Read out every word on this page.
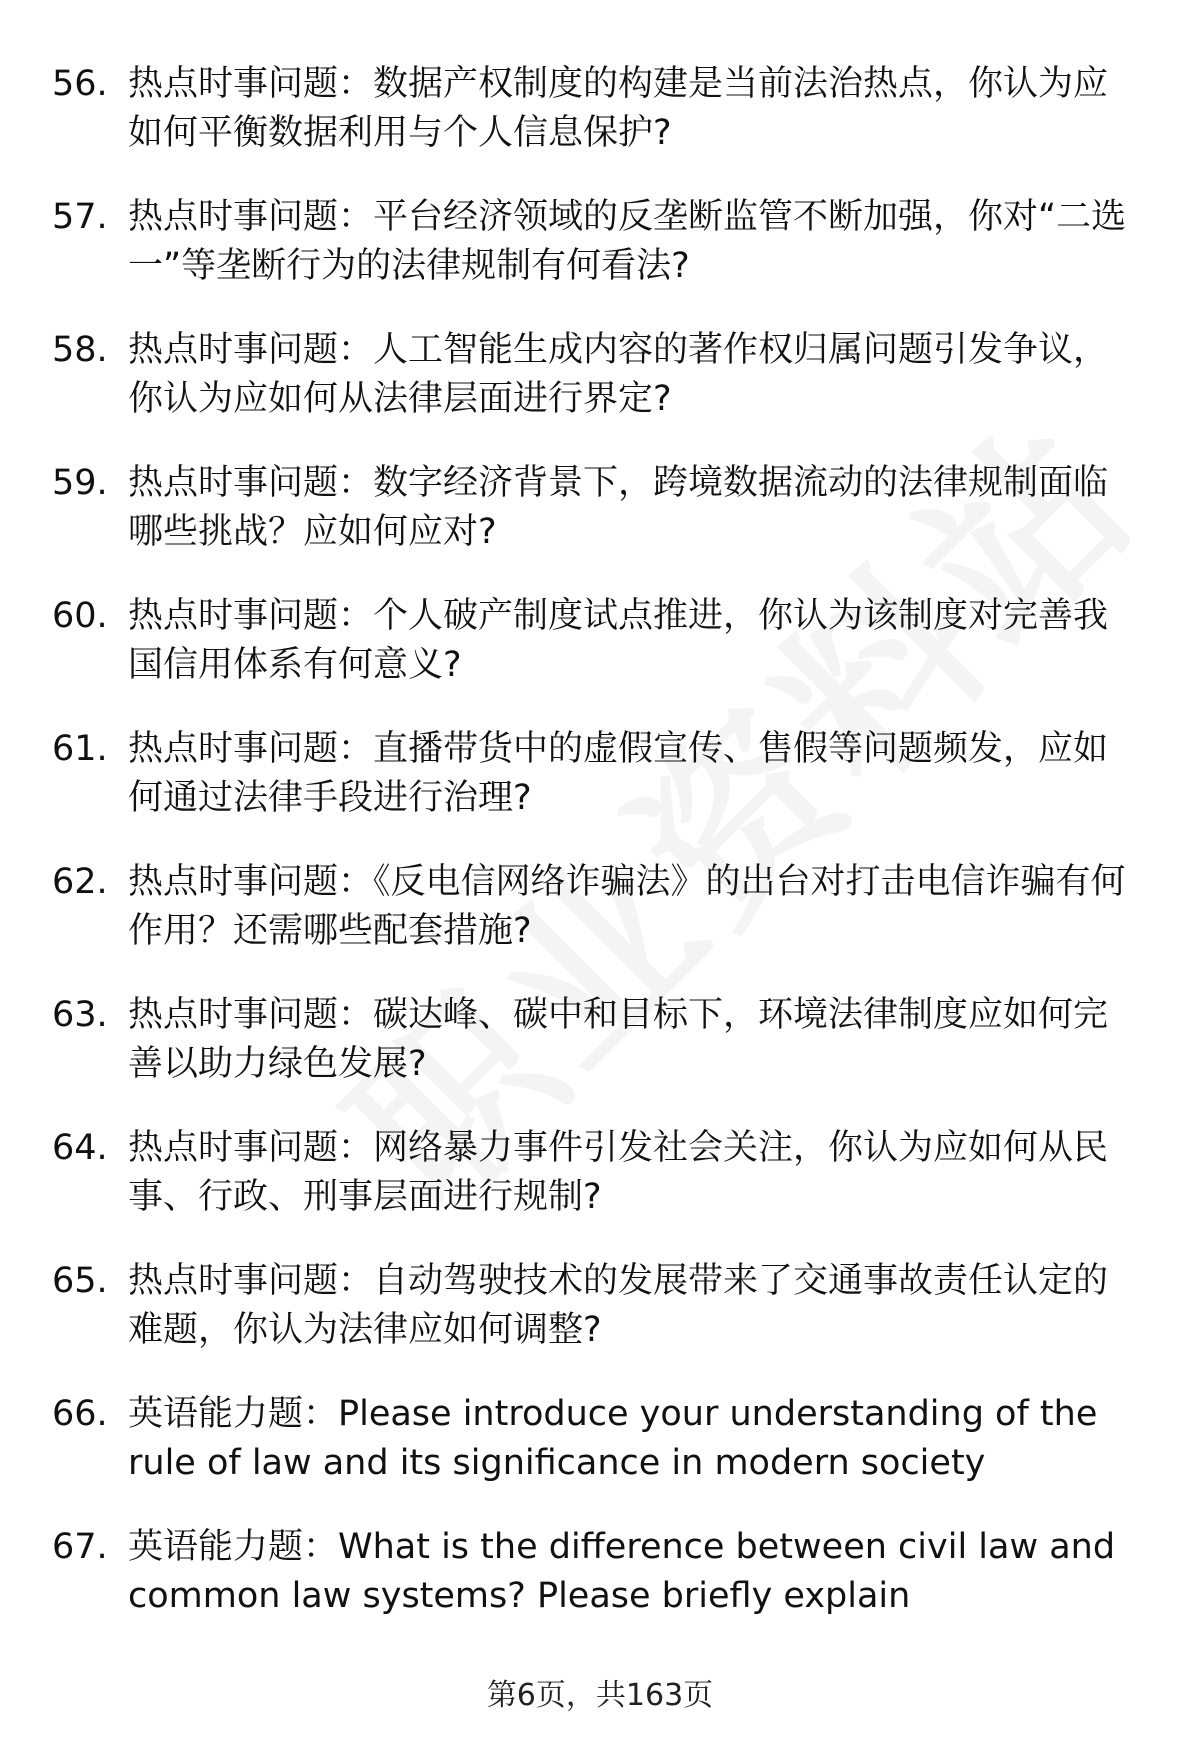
56. 热点时事问题：数据产权制度的构建是当前法治热点，你认为应如何平衡数据利用与个人信息保护?
57. 热点时事问题：平台经济领域的反垄断监管不断加强，你对“二选一”等垄断行为的法律规制有何看法?
58. 热点时事问题：人工智能生成内容的著作权归属问题引发争议，你认为应如何从法律层面进行界定?
59. 热点时事问题：数字经济背景下，跨境数据流动的法律规制面临哪些挑战？应如何应对?
60. 热点时事问题：个人破产制度试点推进，你认为该制度对完善我国信用体系有何意义?
61. 热点时事问题：直播带货中的虚假宣传、售假等问题频发，应如何通过法律手段进行治理?
62. 热点时事问题：《反电信网络诈骗法》的出台对打击电信诈骗有何作用？还需哪些配套措施?
63. 热点时事问题：碳达峰、碳中和目标下，环境法律制度应如何完善以助力绿色发展?
64. 热点时事问题：网络暴力事件引发社会关注，你认为应如何从民事、行政、刑事层面进行规制?
65. 热点时事问题：自动驾驶技术的发展带来了交通事故责任认定的难题，你认为法律应如何调整?
66. 英语能力题：Please introduce your understanding of the rule of law and its significance in modern society
67. 英语能力题：What is the difference between civil law and common law systems? Please briefly explain
第6页，共163页
